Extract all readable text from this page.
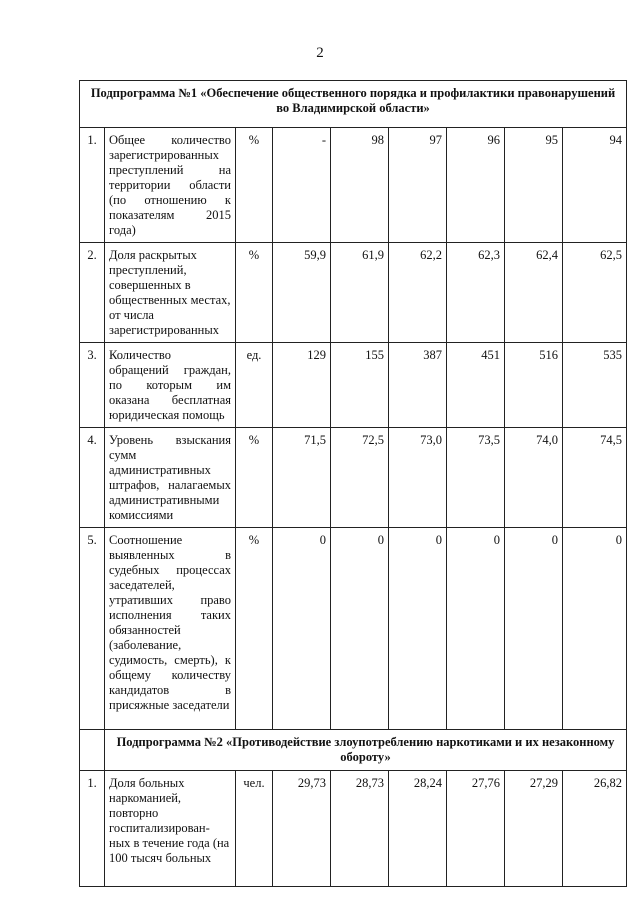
2
Подпрограмма №1 «Обеспечение общественного порядка и профилактики правонарушений во Владимирской области»								
1.	Общее количество зарегистрированных преступлений на территории области (по отношению к показателям 2015 года)	%	-	98	97	96	95	94
2.	Доля раскрытых преступлений, совершенных в общественных местах, от числа зарегистрированных	%	59,9	61,9	62,2	62,3	62,4	62,5
3.	Количество обращений граждан, по которым им оказана бесплатная юридическая помощь	ед.	129	155	387	451	516	535
4.	Уровень взыскания сумм административных штрафов, налагаемых административными комиссиями	%	71,5	72,5	73,0	73,5	74,0	74,5
5.	Соотношение выявленных в судебных процессах заседателей, утративших право исполнения таких обязанностей (заболевание, судимость, смерть), к общему количеству кандидатов в присяжные заседатели	%	0	0	0	0	0	0
	Подпрограмма №2 «Противодействие злоупотреблению наркотиками и их незаконному обороту»							
1.	Доля больных наркоманией, повторно госпитализирован-ных в течение года (на 100 тысяч больных	чел.	29,73	28,73	28,24	27,76	27,29	26,82
